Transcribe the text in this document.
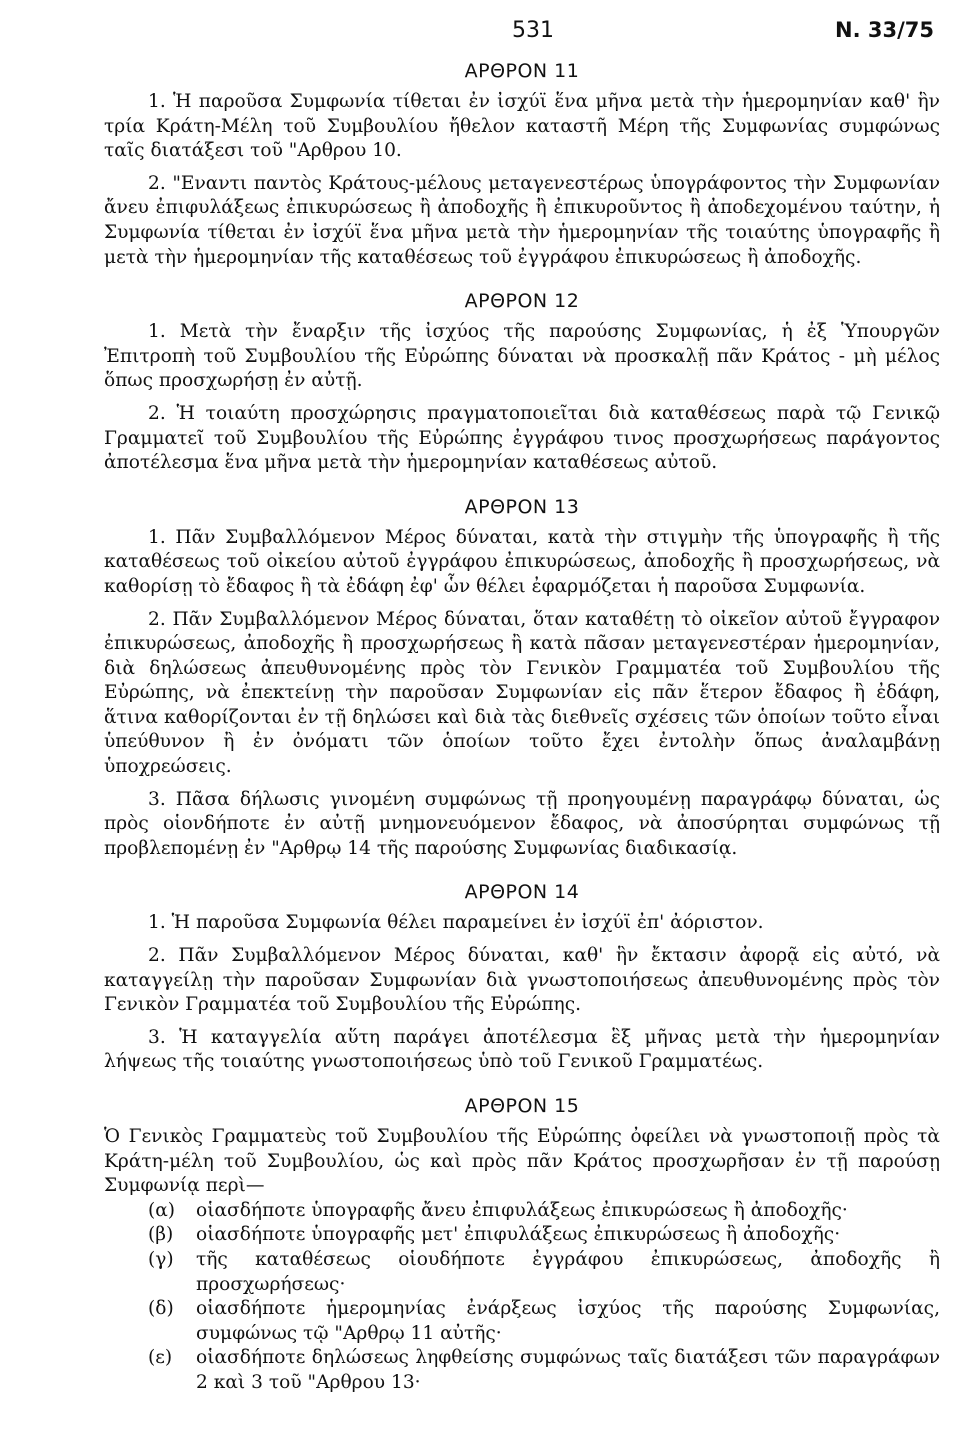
531	N. 33/75
ΑΡΘΡΟΝ 11

1. Ἡ παροῦσα Συμφωνία τίθεται ἐν ἰσχύϊ ἕνα μῆνα μετὰ τὴν ἡμερομηνίαν καθ' ἣν τρία Κράτη-Μέλη τοῦ Συμβουλίου ἤθελον καταστῆ Μέρη τῆς Συμφωνίας συμφώνως ταῖς διατάξεσι τοῦ "Αρθρου 10.

2. "Εναντι παντὸς Κράτους-μέλους μεταγενεστέρως ὑπογράφοντος τὴν Συμφωνίαν ἄνευ ἐπιφυλάξεως ἐπικυρώσεως ἢ ἀποδοχῆς ἢ ἐπικυροῦντος ἢ ἀποδεχομένου ταύτην, ἡ Συμφωνία τίθεται ἐν ἰσχύϊ ἕνα μῆνα μετὰ τὴν ἡμερομηνίαν τῆς τοιαύτης ὑπογραφῆς ἢ μετὰ τὴν ἡμερομηνίαν τῆς καταθέσεως τοῦ ἐγγράφου ἐπικυρώσεως ἢ ἀποδοχῆς.

ΑΡΘΡΟΝ 12

1. Μετὰ τὴν ἔναρξιν τῆς ἰσχύος τῆς παρούσης Συμφωνίας, ἡ ἐξ Ὑπουργῶν Ἐπιτροπὴ τοῦ Συμβουλίου τῆς Εὐρώπης δύναται νὰ προσκαλῇ πᾶν Κράτος - μὴ μέλος ὅπως προσχωρήσῃ ἐν αὐτῇ.

2. Ἡ τοιαύτη προσχώρησις πραγματοποιεῖται διὰ καταθέσεως παρὰ τῷ Γενικῷ Γραμματεῖ τοῦ Συμβουλίου τῆς Εὐρώπης ἐγγράφου τινος προσχωρήσεως παράγοντος ἀποτέλεσμα ἕνα μῆνα μετὰ τὴν ἡμερομηνίαν καταθέσεως αὐτοῦ.

ΑΡΘΡΟΝ 13

1. Πᾶν Συμβαλλόμενον Μέρος δύναται, κατὰ τὴν στιγμὴν τῆς ὑπογραφῆς ἢ τῆς καταθέσεως τοῦ οἰκείου αὐτοῦ ἐγγράφου ἐπικυρώσεως, ἀποδοχῆς ἢ προσχωρήσεως, νὰ καθορίσῃ τὸ ἔδαφος ἢ τὰ ἐδάφη ἐφ' ὧν θέλει ἐφαρμόζεται ἡ παροῦσα Συμφωνία.

2. Πᾶν Συμβαλλόμενον Μέρος δύναται, ὅταν καταθέτῃ τὸ οἰκεῖον αὐτοῦ ἔγγραφον ἐπικυρώσεως, ἀποδοχῆς ἢ προσχωρήσεως ἢ κατὰ πᾶσαν μεταγενεστέραν ἡμερομηνίαν, διὰ δηλώσεως ἀπευθυνομένης πρὸς τὸν Γενικὸν Γραμματέα τοῦ Συμβουλίου τῆς Εὐρώπης, νὰ ἐπεκτείνῃ τὴν παροῦσαν Συμφωνίαν εἰς πᾶν ἕτερον ἔδαφος ἢ ἐδάφη, ἅτινα καθορίζονται ἐν τῇ δηλώσει καὶ διὰ τὰς διεθνεῖς σχέσεις τῶν ὁποίων τοῦτο εἶναι ὑπεύθυνον ἢ ἐν ὀνόματι τῶν ὁποίων τοῦτο ἔχει ἐντολὴν ὅπως ἀναλαμβάνῃ ὑποχρεώσεις.

3. Πᾶσα δήλωσις γινομένη συμφώνως τῇ προηγουμένῃ παραγράφῳ δύναται, ὡς πρὸς οἱονδήποτε ἐν αὐτῇ μνημονευόμενον ἔδαφος, νὰ ἀποσύρηται συμφώνως τῇ προβλεπομένῃ ἐν "Αρθρῳ 14 τῆς παρούσης Συμφωνίας διαδικασίᾳ.

ΑΡΘΡΟΝ 14

1. Ἡ παροῦσα Συμφωνία θέλει παραμείνει ἐν ἰσχύϊ ἐπ' ἀόριστον.

2. Πᾶν Συμβαλλόμενον Μέρος δύναται, καθ' ἣν ἔκτασιν ἀφορᾷ εἰς αὐτό, νὰ καταγγείλῃ τὴν παροῦσαν Συμφωνίαν διὰ γνωστοποιήσεως ἀπευθυνομένης πρὸς τὸν Γενικὸν Γραμματέα τοῦ Συμβουλίου τῆς Εὐρώπης.

3. Ἡ καταγγελία αὕτη παράγει ἀποτέλεσμα ἓξ μῆνας μετὰ τὴν ἡμερομηνίαν λήψεως τῆς τοιαύτης γνωστοποιήσεως ὑπὸ τοῦ Γενικοῦ Γραμματέως.

ΑΡΘΡΟΝ 15

Ὁ Γενικὸς Γραμματεὺς τοῦ Συμβουλίου τῆς Εὐρώπης ὀφείλει νὰ γνωστοποιῇ πρὸς τὰ Κράτη-μέλη τοῦ Συμβουλίου, ὡς καὶ πρὸς πᾶν Κράτος προσχωρῆσαν ἐν τῇ παρούσῃ Συμφωνίᾳ περὶ—

(α)	οἱασδήποτε ὑπογραφῆς ἄνευ ἐπιφυλάξεως ἐπικυρώσεως ἢ ἀποδοχῆς·
(β)	οἱασδήποτε ὑπογραφῆς μετ' ἐπιφυλάξεως ἐπικυρώσεως ἢ ἀποδοχῆς·
(γ)	τῆς καταθέσεως οἱουδήποτε ἐγγράφου ἐπικυρώσεως, ἀποδοχῆς ἢ προσχωρήσεως·
(δ)	οἱασδήποτε ἡμερομηνίας ἐνάρξεως ἰσχύος τῆς παρούσης Συμφωνίας, συμφώνως τῷ "Αρθρῳ 11 αὐτῆς·
(ε)	οἱασδήποτε δηλώσεως ληφθείσης συμφώνως ταῖς διατάξεσι τῶν παραγράφων 2 καὶ 3 τοῦ "Αρθρου 13·
